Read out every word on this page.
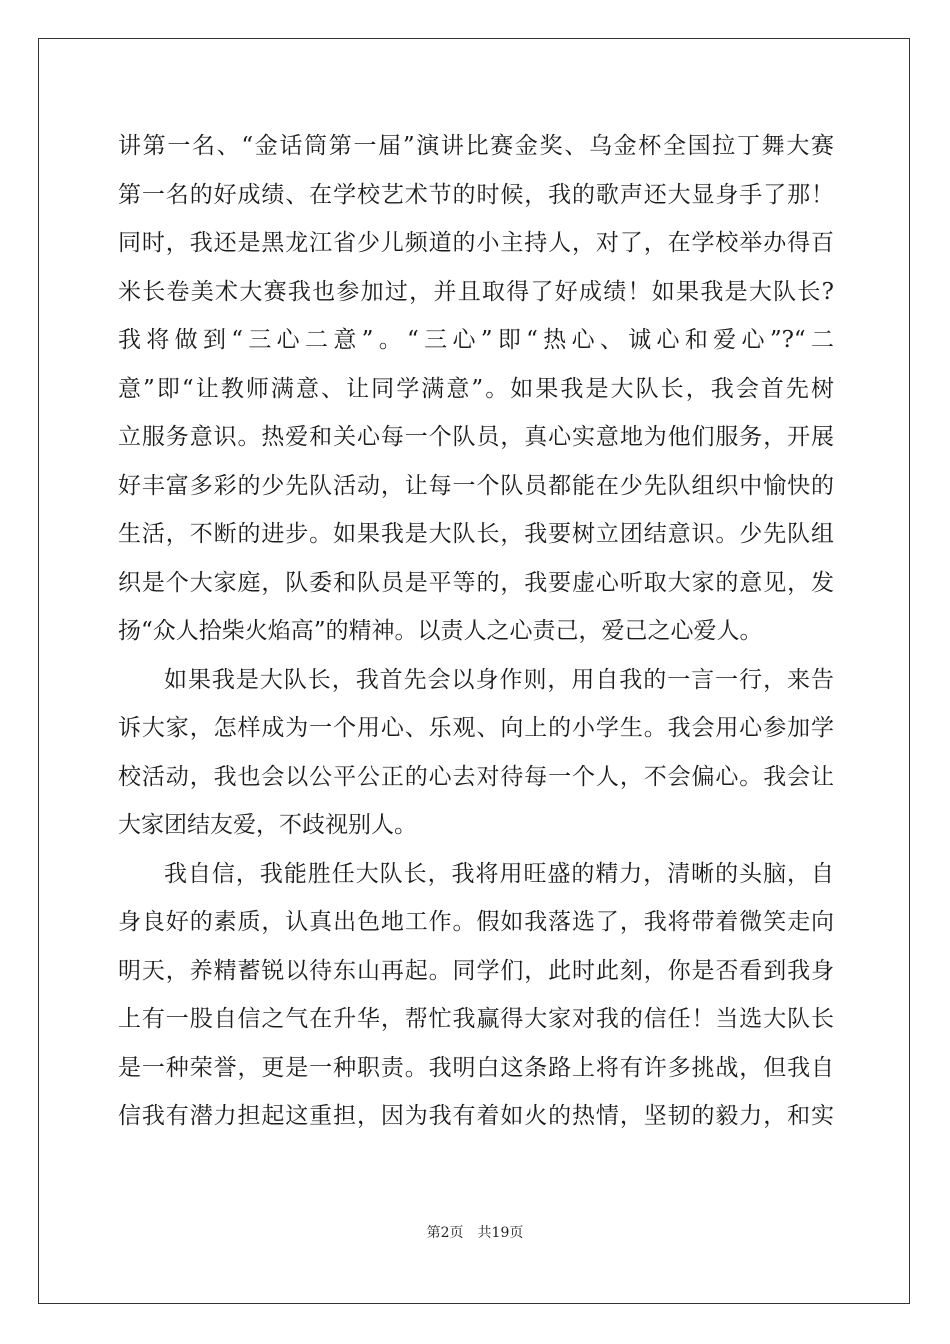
讲第一名、“金话筒第一届”演讲比赛金奖、乌金杯全国拉丁舞大赛
第一名的好成绩、在学校艺术节的时候，我的歌声还大显身手了那！
同时，我还是黑龙江省少儿频道的小主持人，对了，在学校举办得百
米长卷美术大赛我也参加过，并且取得了好成绩！如果我是大队长?
我将做到“三心二意”。“三心”即“热心、诚心和爱心”?“二
意”即“让教师满意、让同学满意”。如果我是大队长，我会首先树
立服务意识。热爱和关心每一个队员，真心实意地为他们服务，开展
好丰富多彩的少先队活动，让每一个队员都能在少先队组织中愉快的
生活，不断的进步。如果我是大队长，我要树立团结意识。少先队组
织是个大家庭，队委和队员是平等的，我要虚心听取大家的意见，发
扬“众人拾柴火焰高”的精神。以责人之心责己，爱己之心爱人。
如果我是大队长，我首先会以身作则，用自我的一言一行，来告
诉大家，怎样成为一个用心、乐观、向上的小学生。我会用心参加学
校活动，我也会以公平公正的心去对待每一个人，不会偏心。我会让
大家团结友爱，不歧视别人。
我自信，我能胜任大队长，我将用旺盛的精力，清晰的头脑，自
身良好的素质，认真出色地工作。假如我落选了，我将带着微笑走向
明天，养精蓄锐以待东山再起。同学们，此时此刻，你是否看到我身
上有一股自信之气在升华，帮忙我赢得大家对我的信任！当选大队长
是一种荣誉，更是一种职责。我明白这条路上将有许多挑战，但我自
信我有潜力担起这重担，因为我有着如火的热情，坚韧的毅力，和实
第2页 共19页
